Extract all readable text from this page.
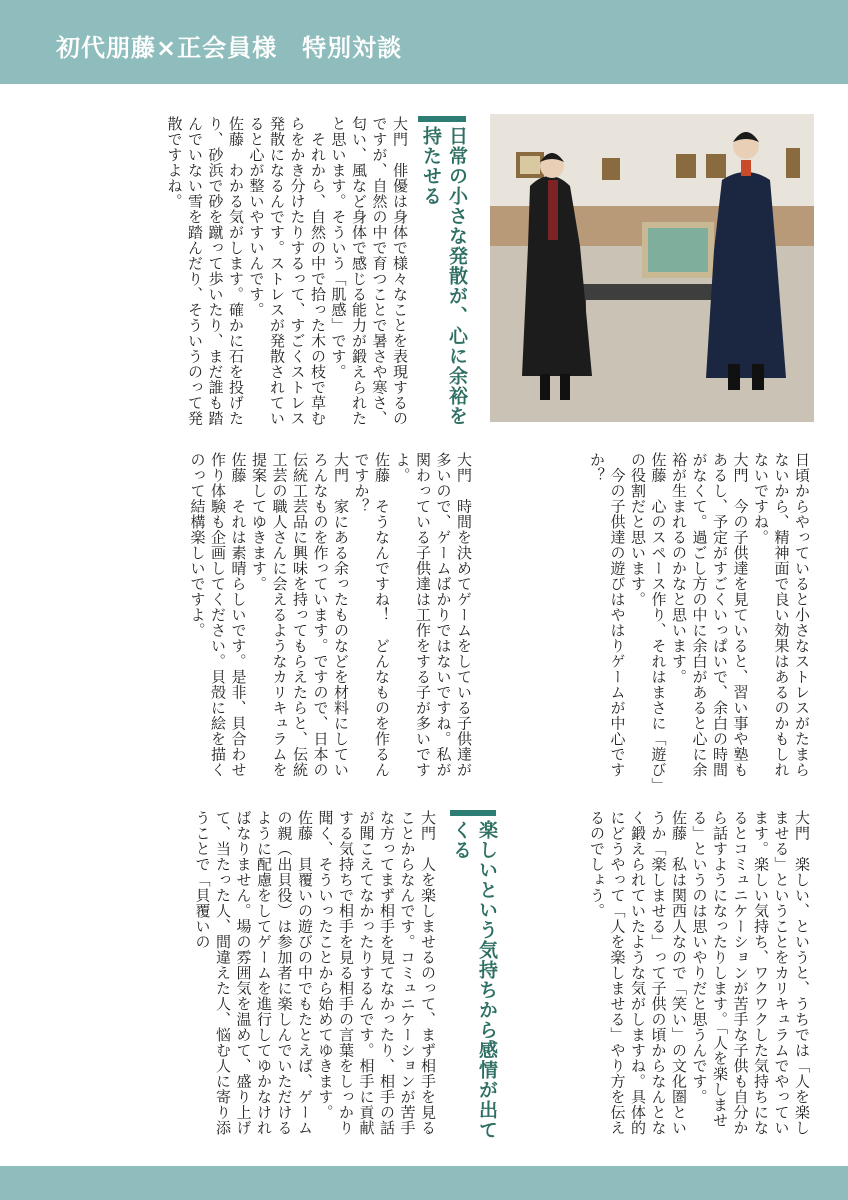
初代朋藤×正会員様　特別対談
日常の小さな発散が、心に余裕を持たせる

大門　俳優は身体で様々なことを表現するのですが、自然の中で育つことで暑さや寒さ、匂い、風など身体で感じる能力が鍛えられたと思います。そういう「肌感」です。

　それから、自然の中で拾った木の枝で草むらをかき分けたりするって、すごくストレス発散になるんです。ストレスが発散されていると心が整いやすいんです。

佐藤　わかる気がします。確かに石を投げたり、砂浜で砂を蹴って歩いたり、まだ誰も踏んでいない雪を踏んだり、そういうのって発散ですよね。

日頃からやっていると小さなストレスがたまらないから、精神面で良い効果はあるのかもしれないですね。

大門　今の子供達を見ていると、習い事や塾もあるし、予定がすごくいっぱいで、余白の時間がなくて。過ごし方の中に余白があると心に余裕が生まれるのかなと思います。

佐藤　心のスペース作り、それはまさに「遊び」の役割だと思います。

　今の子供達の遊びはやはりゲームが中心ですか？

大門　時間を決めてゲームをしている子供達が多いので、ゲームばかりではないですね。私が関わっている子供達は工作をする子が多いですよ。

佐藤　そうなんですね！　どんなものを作るんですか？

大門　家にある余ったものなどを材料にしていろんなものを作っています。ですので、日本の伝統工芸品に興味を持ってもらえたらと、伝統工芸の職人さんに会えるようなカリキュラムを提案してゆきます。

佐藤　それは素晴らしいです。是非、貝合わせ作り体験も企画してください。貝殻に絵を描くのって結構楽しいですよ。

大門　楽しい、というと、うちでは「人を楽しませる」ということをカリキュラムでやっています。楽しい気持ち、ワクワクした気持ちになるとコミュニケーションが苦手な子供も自分から話すようになったりします。「人を楽しませる」というのは思いやりだと思うんです。

佐藤　私は関西人なので「笑い」の文化圏というか「楽しませる」って子供の頃からなんとなく鍛えられていたような気がしますね。具体的にどうやって「人を楽しませる」やり方を伝えるのでしょう。

楽しいという気持ちから感情が出てくる

大門　人を楽しませるのって、まず相手を見ることからなんです。コミュニケーションが苦手な方ってまず相手を見てなかったり、相手の話が聞こえてなかったりするんです。相手に貢献する気持ちで相手を見る相手の言葉をしっかり聞く、そういったことから始めてゆきます。

佐藤　貝覆いの遊びの中でもたとえば、ゲームの親（出貝役）は参加者に楽しんでいただけるように配慮をしてゲームを進行してゆかなければなりません。場の雰囲気を温めて、盛り上げて、当たった人、間違えた人、悩む人に寄り添うことで「貝覆いの
